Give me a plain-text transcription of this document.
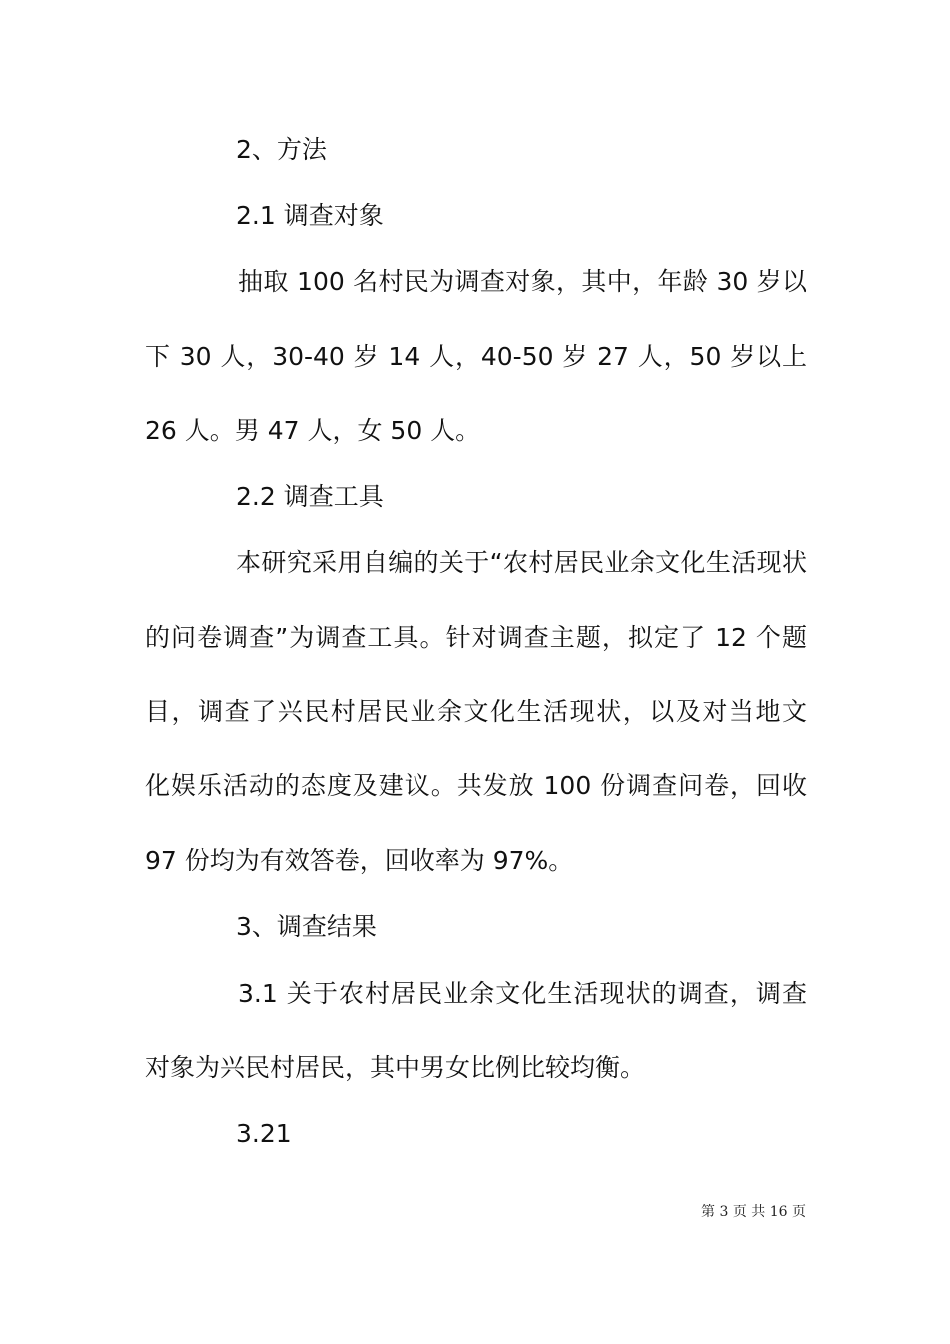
2、方法
2.1 调查对象
抽取 100 名村民为调查对象，其中，年龄 30 岁以
下 30 人，30-40 岁 14 人，40-50 岁 27 人，50 岁以上
26 人。男 47 人，女 50 人。
2.2 调查工具
本研究采用自编的关于“农村居民业余文化生活现状
的问卷调查”为调查工具。针对调查主题，拟定了 12 个题
目，调查了兴民村居民业余文化生活现状，以及对当地文
化娱乐活动的态度及建议。共发放 100 份调查问卷，回收
97 份均为有效答卷，回收率为 97%。
3、调查结果
3.1 关于农村居民业余文化生活现状的调查，调查
对象为兴民村居民，其中男女比例比较均衡。
3.21
第 3 页 共 16 页
